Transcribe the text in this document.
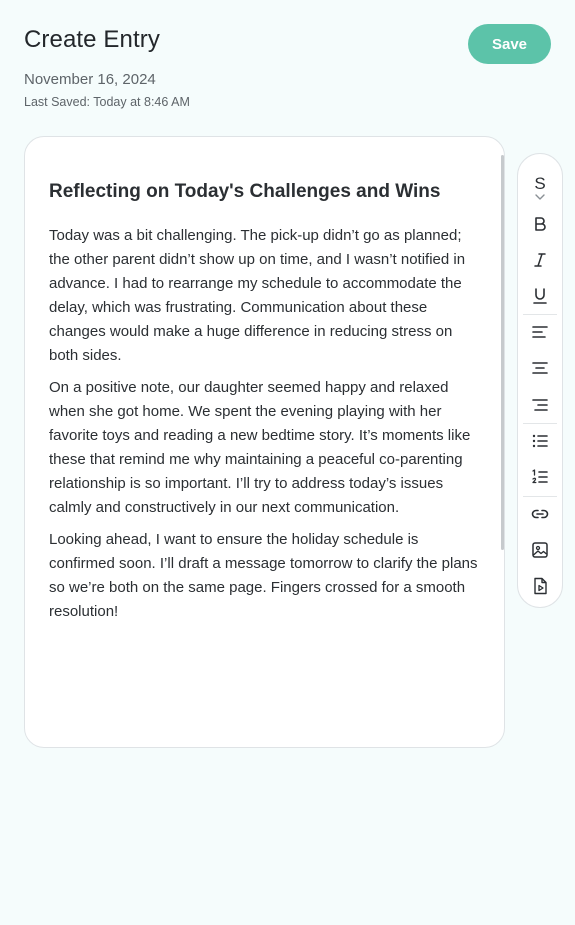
Create Entry	Save
November 16, 2024
Last Saved: Today at 8:46 AM
Reflecting on Today's Challenges and Wins

Today was a bit challenging. The pick-up didn’t go as planned; the other parent didn’t show up on time, and I wasn’t notified in advance. I had to rearrange my schedule to accommodate the delay, which was frustrating. Communication about these changes would make a huge difference in reducing stress on both sides.

On a positive note, our daughter seemed happy and relaxed when she got home. We spent the evening playing with her favorite toys and reading a new bedtime story. It’s moments like these that remind me why maintaining a peaceful co-parenting relationship is so important. I’ll try to address today’s issues calmly and constructively in our next communication.

Looking ahead, I want to ensure the holiday schedule is confirmed soon. I’ll draft a message tomorrow to clarify the plans so we’re both on the same page. Fingers crossed for a smooth resolution!

S
